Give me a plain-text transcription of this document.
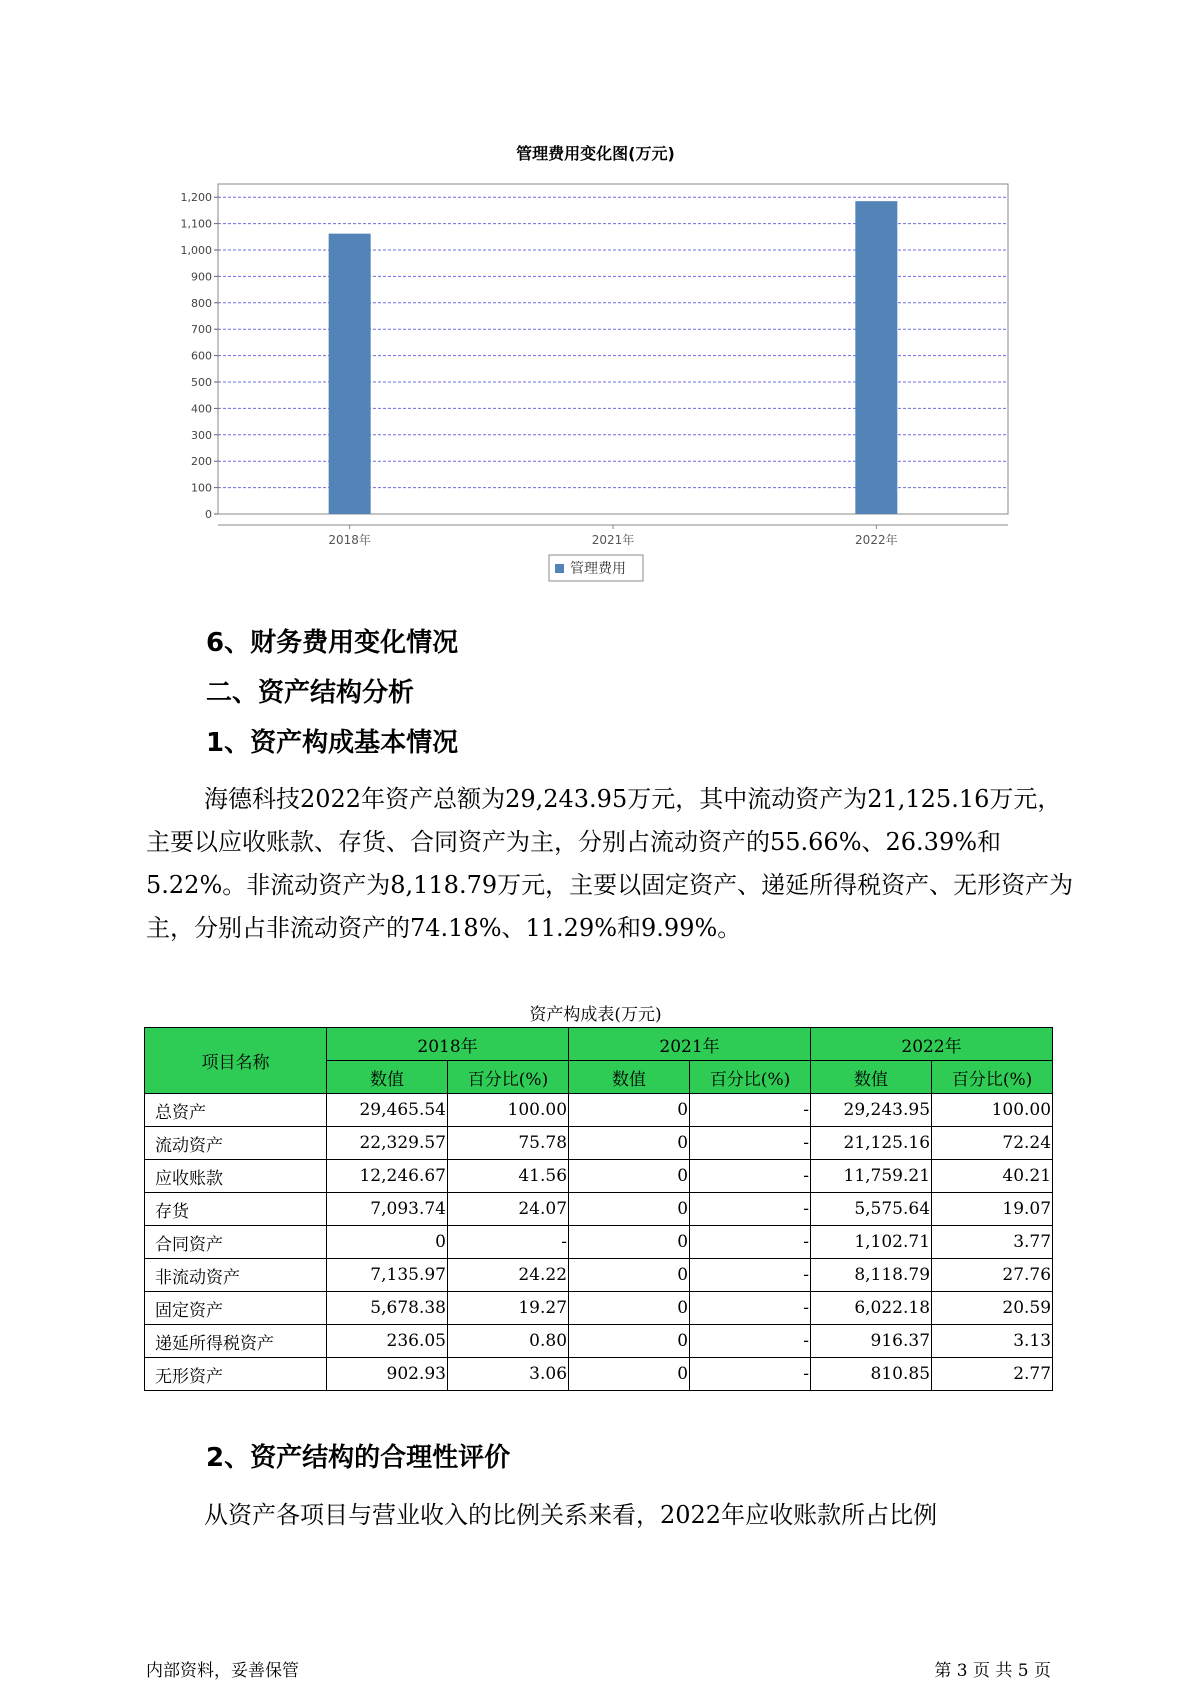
管理费用变化图(万元)
0
100
200
300
400
500
600
700
800
900
1,000
1,100
1,200
2018年	2021年	2022年
管理费用
6、财务费用变化情况
二、资产结构分析
1、资产构成基本情况

海德科技2022年资产总额为29,243.95万元，其中流动资产为21,125.16万元，主要以应收账款、存货、合同资产为主，分别占流动资产的55.66%、26.39%和5.22%。非流动资产为8,118.79万元，主要以固定资产、递延所得税资产、无形资产为主，分别占非流动资产的74.18%、11.29%和9.99%。

资产构成表(万元)
项目名称	2018年		2021年		2022年	
	数值	百分比(%)	数值	百分比(%)	数值	百分比(%)
总资产	29,465.54	100.00	0	-	29,243.95	100.00
流动资产	22,329.57	75.78	0	-	21,125.16	72.24
应收账款	12,246.67	41.56	0	-	11,759.21	40.21
存货	7,093.74	24.07	0	-	5,575.64	19.07
合同资产	0	-	0	-	1,102.71	3.77
非流动资产	7,135.97	24.22	0	-	8,118.79	27.76
固定资产	5,678.38	19.27	0	-	6,022.18	20.59
递延所得税资产	236.05	0.80	0	-	916.37	3.13
无形资产	902.93	3.06	0	-	810.85	2.77
2、资产结构的合理性评价

从资产各项目与营业收入的比例关系来看，2022年应收账款所占比例

内部资料，妥善保管	第 3 页 共 5 页
